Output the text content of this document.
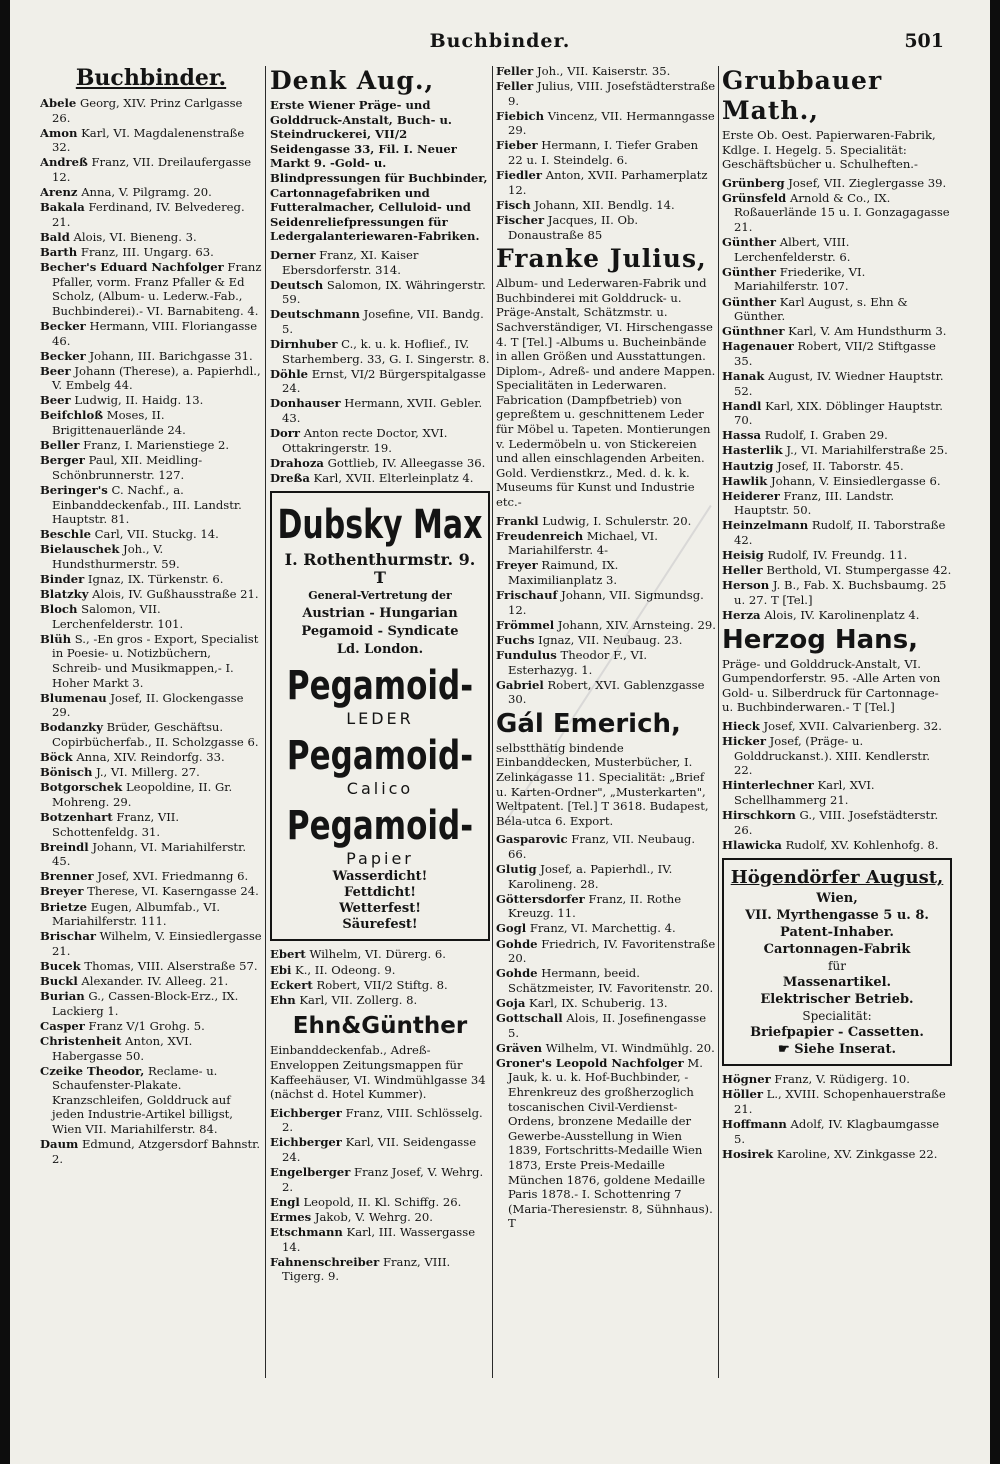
Buchbinder.	501
Buchbinder.
Abele Georg, XIV. Prinz Carlgasse 26.
Amon Karl, VI. Magdalenenstraße 32.
Andreß Franz, VII. Dreilaufergasse 12.
Arenz Anna, V. Pilgramg. 20.
Bakala Ferdinand, IV. Belvedereg. 21.
Bald Alois, VI. Bieneng. 3.
Barth Franz, III. Ungarg. 63.
Becher's Eduard Nachfolger Franz Pfaller, vorm. Franz Pfaller & Ed Scholz, (Album- u. Lederw.-Fab., Buchbinderei).- VI. Barnabiteng. 4.
Becker Hermann, VIII. Floriangasse 46.
Becker Johann, III. Barichgasse 31.
Beer Johann (Therese), a. Papierhdl., V. Embelg 44.
Beer Ludwig, II. Haidg. 13.
Beifchloß Moses, II. Brigittenauerlände 24.
Beller Franz, I. Marienstiege 2.
Berger Paul, XII. Meidling-Schönbrunnerstr. 127.
Beringer's C. Nachf., a. Einbanddeckenfab., III. Landstr. Hauptstr. 81.
Beschle Carl, VII. Stuckg. 14.
Bielauschek Joh., V. Hundsthurmerstr. 59.
Binder Ignaz, IX. Türkenstr. 6.
Blatzky Alois, IV. Gußhausstraße 21.
Bloch Salomon, VII. Lerchenfelderstr. 101.
Blüh S., -En gros - Export, Specialist in Poesie- u. Notizbüchern, Schreib- und Musikmappen,- I. Hoher Markt 3.
Blumenau Josef, II. Glockengasse 29.
Bodanzky Brüder, Geschäftsu. Copirbücherfab., II. Scholzgasse 6.
Böck Anna, XIV. Reindorfg. 33.
Bönisch J., VI. Millerg. 27.
Botgorschek Leopoldine, II. Gr. Mohreng. 29.
Botzenhart Franz, VII. Schottenfeldg. 31.
Breindl Johann, VI. Mariahilferstr. 45.
Brenner Josef, XVI. Friedmanng 6.
Breyer Therese, VI. Kaserngasse 24.
Brietze Eugen, Albumfab., VI. Mariahilferstr. 111.
Brischar Wilhelm, V. Einsiedlergasse 21.
Bucek Thomas, VIII. Alserstraße 57.
Buckl Alexander. IV. Alleeg. 21.
Burian G., Cassen-Block-Erz., IX. Lackierg 1.
Casper Franz V/1 Grohg. 5.
Christenheit Anton, XVI. Habergasse 50.
Czeike Theodor, Reclame- u. Schaufenster-Plakate. Kranzschleifen, Golddruck auf jeden Industrie-Artikel billigst, Wien VII. Mariahilferstr. 84.
Daum Edmund, Atzgersdorf Bahnstr. 2.
Denk Aug.,
Erste Wiener Präge- und Golddruck-Anstalt, Buch- u. Steindruckerei, VII/2 Seidengasse 33, Fil. I. Neuer Markt 9. -Gold- u. Blindpressungen für Buchbinder, Cartonnagefabriken und Futteralmacher, Celluloid- und Seidenreliefpressungen für Ledergalanteriewaren-Fabriken.
Derner Franz, XI. Kaiser Ebersdorferstr. 314.
Deutsch Salomon, IX. Währingerstr. 59.
Deutschmann Josefine, VII. Bandg. 5.
Dirnhuber C., k. u. k. Hoflief., IV. Starhemberg. 33, G. I. Singerstr. 8.
Döhle Ernst, VI/2 Bürgerspitalgasse 24.
Donhauser Hermann, XVII. Gebler. 43.
Dorr Anton recte Doctor, XVI. Ottakringerstr. 19.
Drahoza Gottlieb, IV. Alleegasse 36.
Dreßa Karl, XVII. Elterleinplatz 4.
Dubsky Max
I. Rothenthurmstr. 9. T
General-Vertretung der
Austrian - Hungarian
Pegamoid - Syndicate
Ld. London.
Pegamoid-
LEDER
Pegamoid-
Calico
Pegamoid-
Papier
Wasserdicht!
Fettdicht!
Wetterfest!
Säurefest!
Ebert Wilhelm, VI. Dürerg. 6.
Ebi K., II. Odeong. 9.
Eckert Robert, VII/2 Stiftg. 8.
Ehn Karl, VII. Zollerg. 8.
Ehn&Günther
Einbanddeckenfab., Adreß-Enveloppen Zeitungsmappen für Kaffeehäuser, VI. Windmühlgasse 34 (nächst d. Hotel Kummer).
Eichberger Franz, VIII. Schlösselg. 2.
Eichberger Karl, VII. Seidengasse 24.
Engelberger Franz Josef, V. Wehrg. 2.
Engl Leopold, II. Kl. Schiffg. 26.
Ermes Jakob, V. Wehrg. 20.
Etschmann Karl, III. Wassergasse 14.
Fahnenschreiber Franz, VIII. Tigerg. 9.
Feller Joh., VII. Kaiserstr. 35.
Feller Julius, VIII. Josefstädterstraße 9.
Fiebich Vincenz, VII. Hermanngasse 29.
Fieber Hermann, I. Tiefer Graben 22 u. I. Steindelg. 6.
Fiedler Anton, XVII. Parhamerplatz 12.
Fisch Johann, XII. Bendlg. 14.
Fischer Jacques, II. Ob. Donaustraße 85
Franke Julius,
Album- und Lederwaren-Fabrik und Buchbinderei mit Golddruck- u. Präge-Anstalt, Schätzmstr. u. Sachverständiger, VI. Hirschengasse 4. T [Tel.] -Albums u. Bucheinbände in allen Größen und Ausstattungen. Diplom-, Adreß- und andere Mappen. Specialitäten in Lederwaren. Fabrication (Dampfbetrieb) von gepreßtem u. geschnittenem Leder für Möbel u. Tapeten. Montierungen v. Ledermöbeln u. von Stickereien und allen einschlagenden Arbeiten. Gold. Verdienstkrz., Med. d. k. k. Museums für Kunst und Industrie etc.-
Frankl Ludwig, I. Schulerstr. 20.
Freudenreich Michael, VI. Mariahilferstr. 4-
Freyer Raimund, IX. Maximilianplatz 3.
Frischauf Johann, VII. Sigmundsg. 12.
Frömmel Johann, XIV. Arnsteing. 29.
Fuchs Ignaz, VII. Neubaug. 23.
Fundulus Theodor F., VI. Esterhazyg. 1.
Gabriel Robert, XVI. Gablenzgasse 30.
Gál Emerich,
selbstthätig bindende Einbanddecken, Musterbücher, I. Zelinkagasse 11. Specialität: „Brief u. Karten-Ordner", „Musterkarten", Weltpatent. [Tel.] T 3618. Budapest, Béla-utca 6. Export.
Gasparovic Franz, VII. Neubaug. 66.
Glutig Josef, a. Papierhdl., IV. Karolineng. 28.
Göttersdorfer Franz, II. Rothe Kreuzg. 11.
Gogl Franz, VI. Marchettig. 4.
Gohde Friedrich, IV. Favoritenstraße 20.
Gohde Hermann, beeid. Schätzmeister, IV. Favoritenstr. 20.
Goja Karl, IX. Schuberig. 13.
Gottschall Alois, II. Josefinengasse 5.
Gräven Wilhelm, VI. Windmühlg. 20.
Groner's Leopold Nachfolger M. Jauk, k. u. k. Hof-Buchbinder, -Ehrenkreuz des großherzoglich toscanischen Civil-Verdienst-Ordens, bronzene Medaille der Gewerbe-Ausstellung in Wien 1839, Fortschritts-Medaille Wien 1873, Erste Preis-Medaille München 1876, goldene Medaille Paris 1878.- I. Schottenring 7 (Maria-Theresienstr. 8, Sühnhaus). T
Grubbauer Math.,
Erste Ob. Oest. Papierwaren-Fabrik, Kdlge. I. Hegelg. 5. Specialität: Geschäftsbücher u. Schulheften.-
Grünberg Josef, VII. Zieglergasse 39.
Grünsfeld Arnold & Co., IX. Roßauerlände 15 u. I. Gonzagagasse 21.
Günther Albert, VIII. Lerchenfelderstr. 6.
Günther Friederike, VI. Mariahilferstr. 107.
Günther Karl August, s. Ehn & Günther.
Günthner Karl, V. Am Hundsthurm 3.
Hagenauer Robert, VII/2 Stiftgasse 35.
Hanak August, IV. Wiedner Hauptstr. 52.
Handl Karl, XIX. Döblinger Hauptstr. 70.
Hassa Rudolf, I. Graben 29.
Hasterlik J., VI. Mariahilferstraße 25.
Hautzig Josef, II. Taborstr. 45.
Hawlik Johann, V. Einsiedlergasse 6.
Heiderer Franz, III. Landstr. Hauptstr. 50.
Heinzelmann Rudolf, II. Taborstraße 42.
Heisig Rudolf, IV. Freundg. 11.
Heller Berthold, VI. Stumpergasse 42.
Herson J. B., Fab. X. Buchsbaumg. 25 u. 27. T [Tel.]
Herza Alois, IV. Karolinenplatz 4.
Herzog Hans,
Präge- und Golddruck-Anstalt, VI. Gumpendorferstr. 95. -Alle Arten von Gold- u. Silberdruck für Cartonnage- u. Buchbinderwaren.- T [Tel.]
Hieck Josef, XVII. Calvarienberg. 32.
Hicker Josef, (Präge- u. Golddruckanst.). XIII. Kendlerstr. 22.
Hinterlechner Karl, XVI. Schellhammerg 21.
Hirschkorn G., VIII. Josefstädterstr. 26.
Hlawicka Rudolf, XV. Kohlenhofg. 8.
Högendörfer August,
Wien,
VII. Myrthengasse 5 u. 8.
Patent-Inhaber.
Cartonnagen-Fabrik
für
Massenartikel.
Elektrischer Betrieb.
Specialität:
Briefpapier - Cassetten.
☛ Siehe Inserat.
Högner Franz, V. Rüdigerg. 10.
Höller L., XVIII. Schopenhauerstraße 21.
Hoffmann Adolf, IV. Klagbaumgasse 5.
Hosirek Karoline, XV. Zinkgasse 22.
